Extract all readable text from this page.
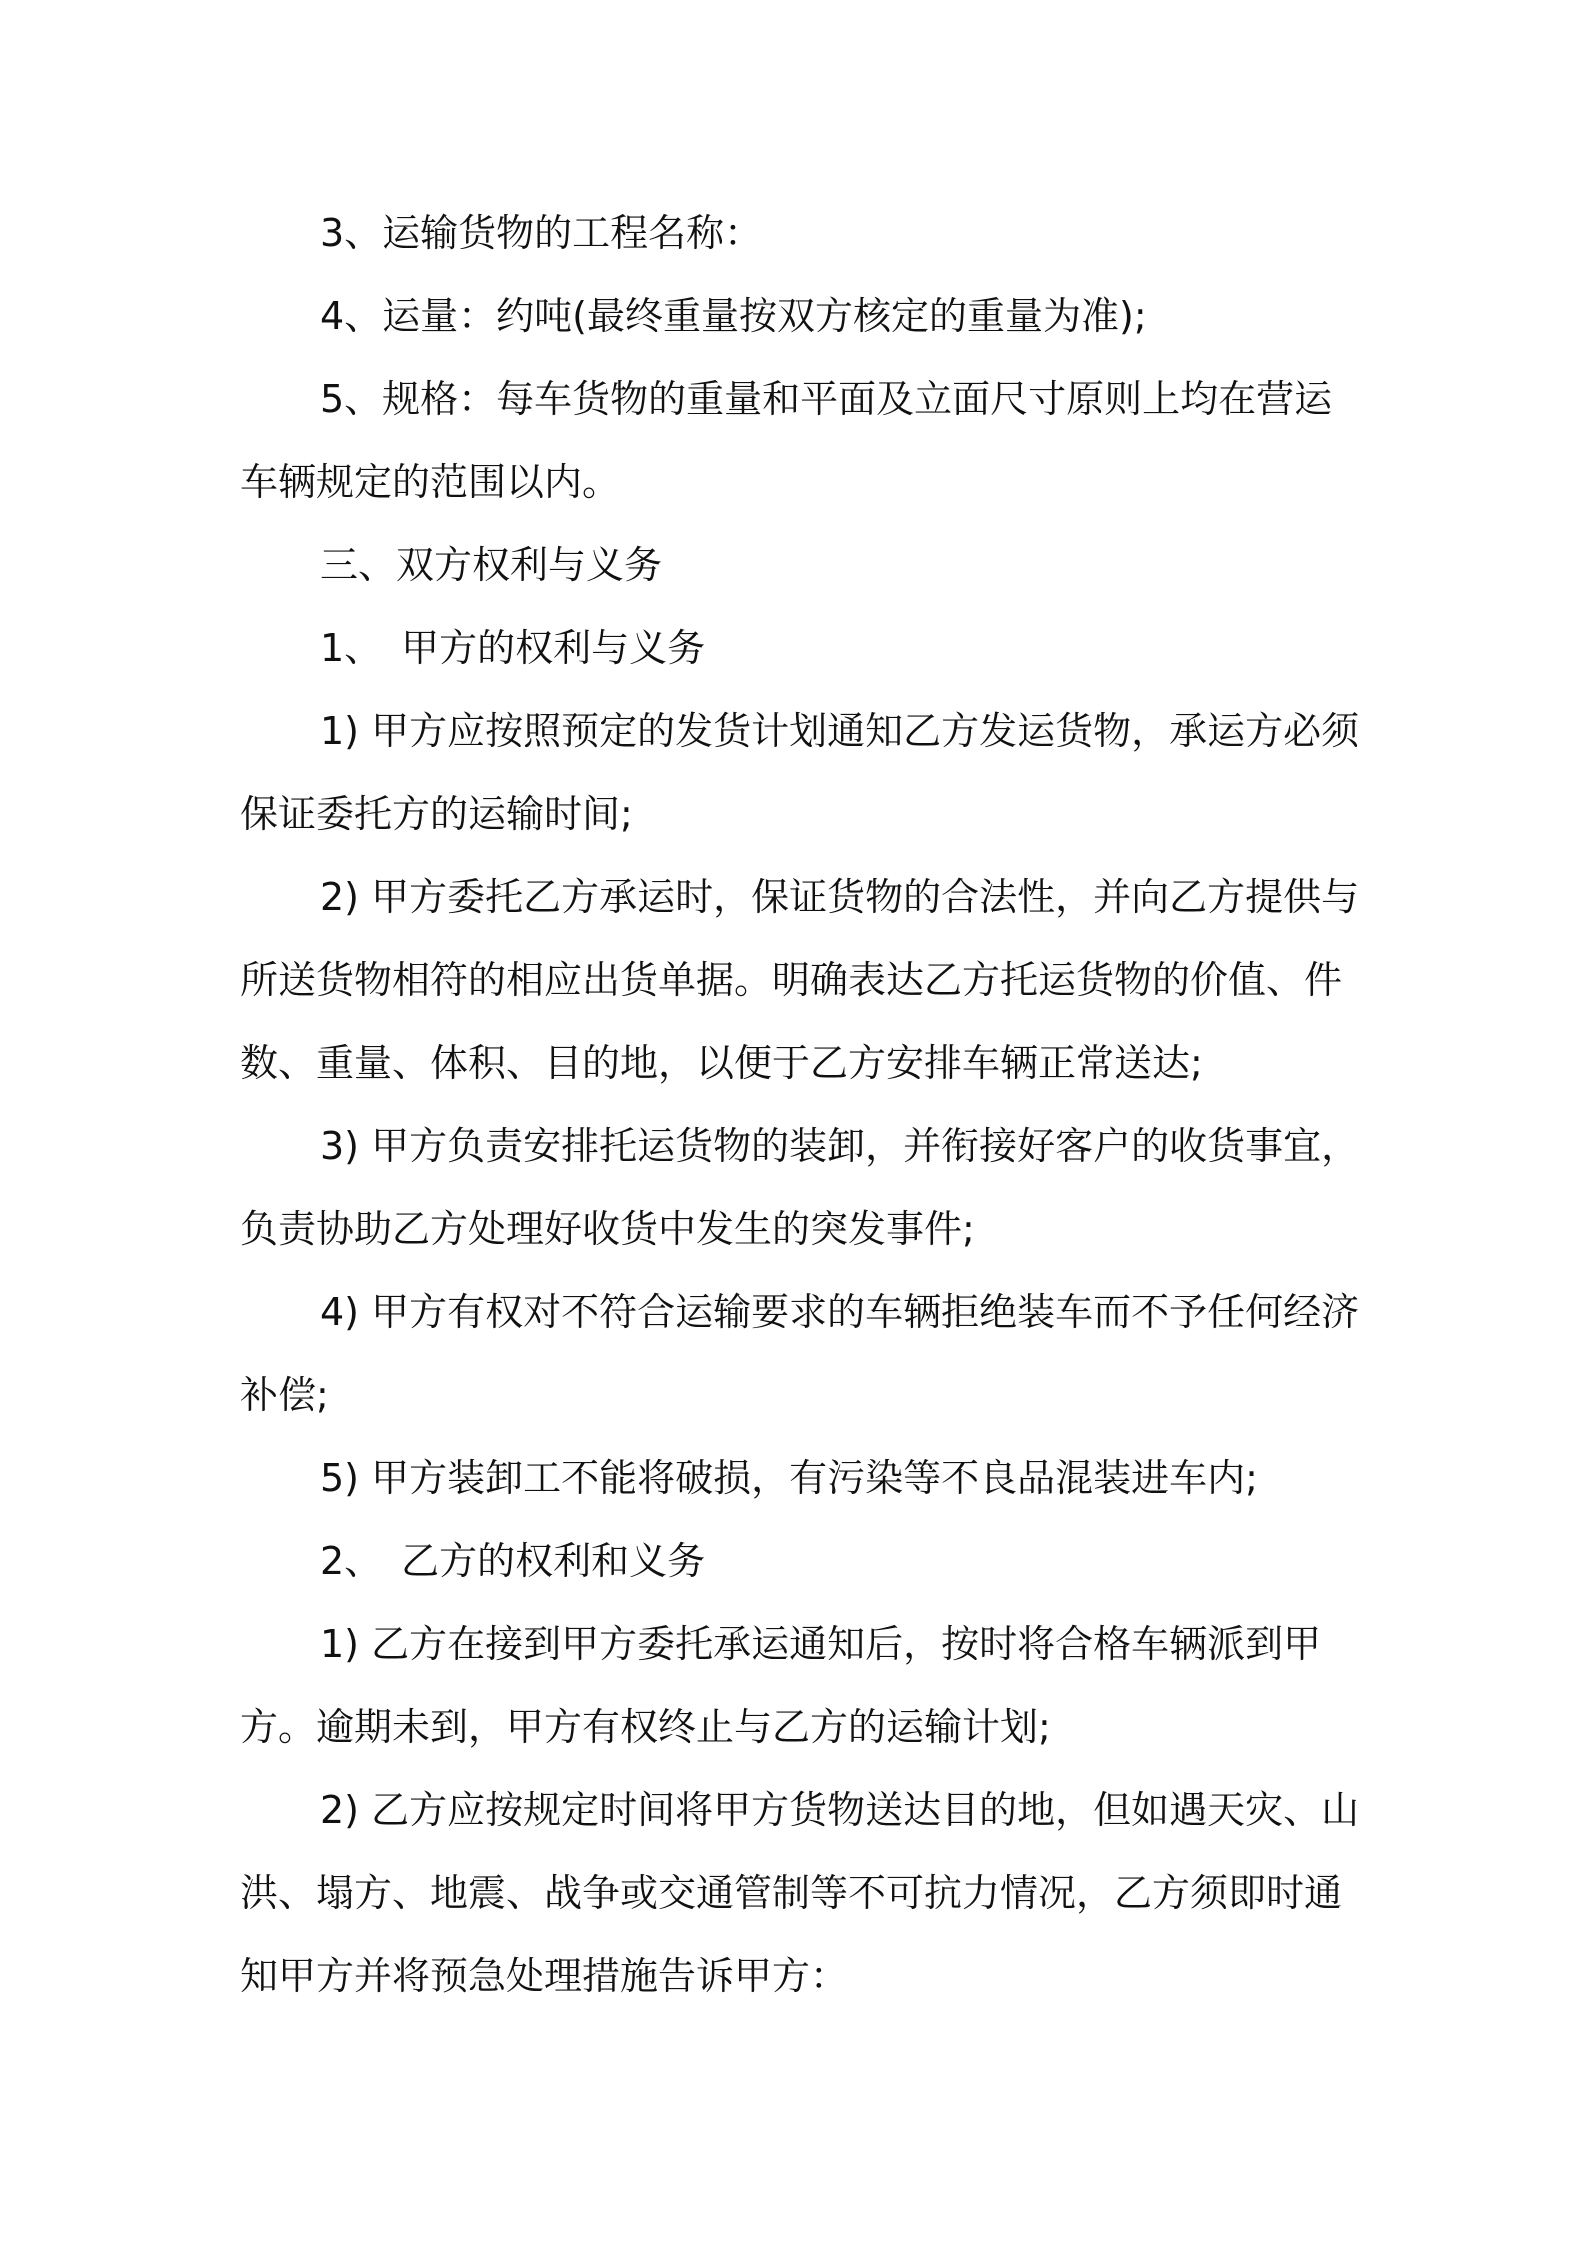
3、运输货物的工程名称：

4、运量：约吨(最终重量按双方核定的重量为准);

5、规格：每车货物的重量和平面及立面尺寸原则上均在营运车辆规定的范围以内。

三、双方权利与义务

1、　甲方的权利与义务

1) 甲方应按照预定的发货计划通知乙方发运货物，承运方必须保证委托方的运输时间;

2) 甲方委托乙方承运时，保证货物的合法性，并向乙方提供与所送货物相符的相应出货单据。明确表达乙方托运货物的价值、件数、重量、体积、目的地，以便于乙方安排车辆正常送达;

3) 甲方负责安排托运货物的装卸，并衔接好客户的收货事宜，负责协助乙方处理好收货中发生的突发事件;

4) 甲方有权对不符合运输要求的车辆拒绝装车而不予任何经济补偿;

5) 甲方装卸工不能将破损，有污染等不良品混装进车内;

2、　乙方的权利和义务

1) 乙方在接到甲方委托承运通知后，按时将合格车辆派到甲方。逾期未到，甲方有权终止与乙方的运输计划;

2) 乙方应按规定时间将甲方货物送达目的地，但如遇天灾、山洪、塌方、地震、战争或交通管制等不可抗力情况，乙方须即时通知甲方并将预急处理措施告诉甲方：
